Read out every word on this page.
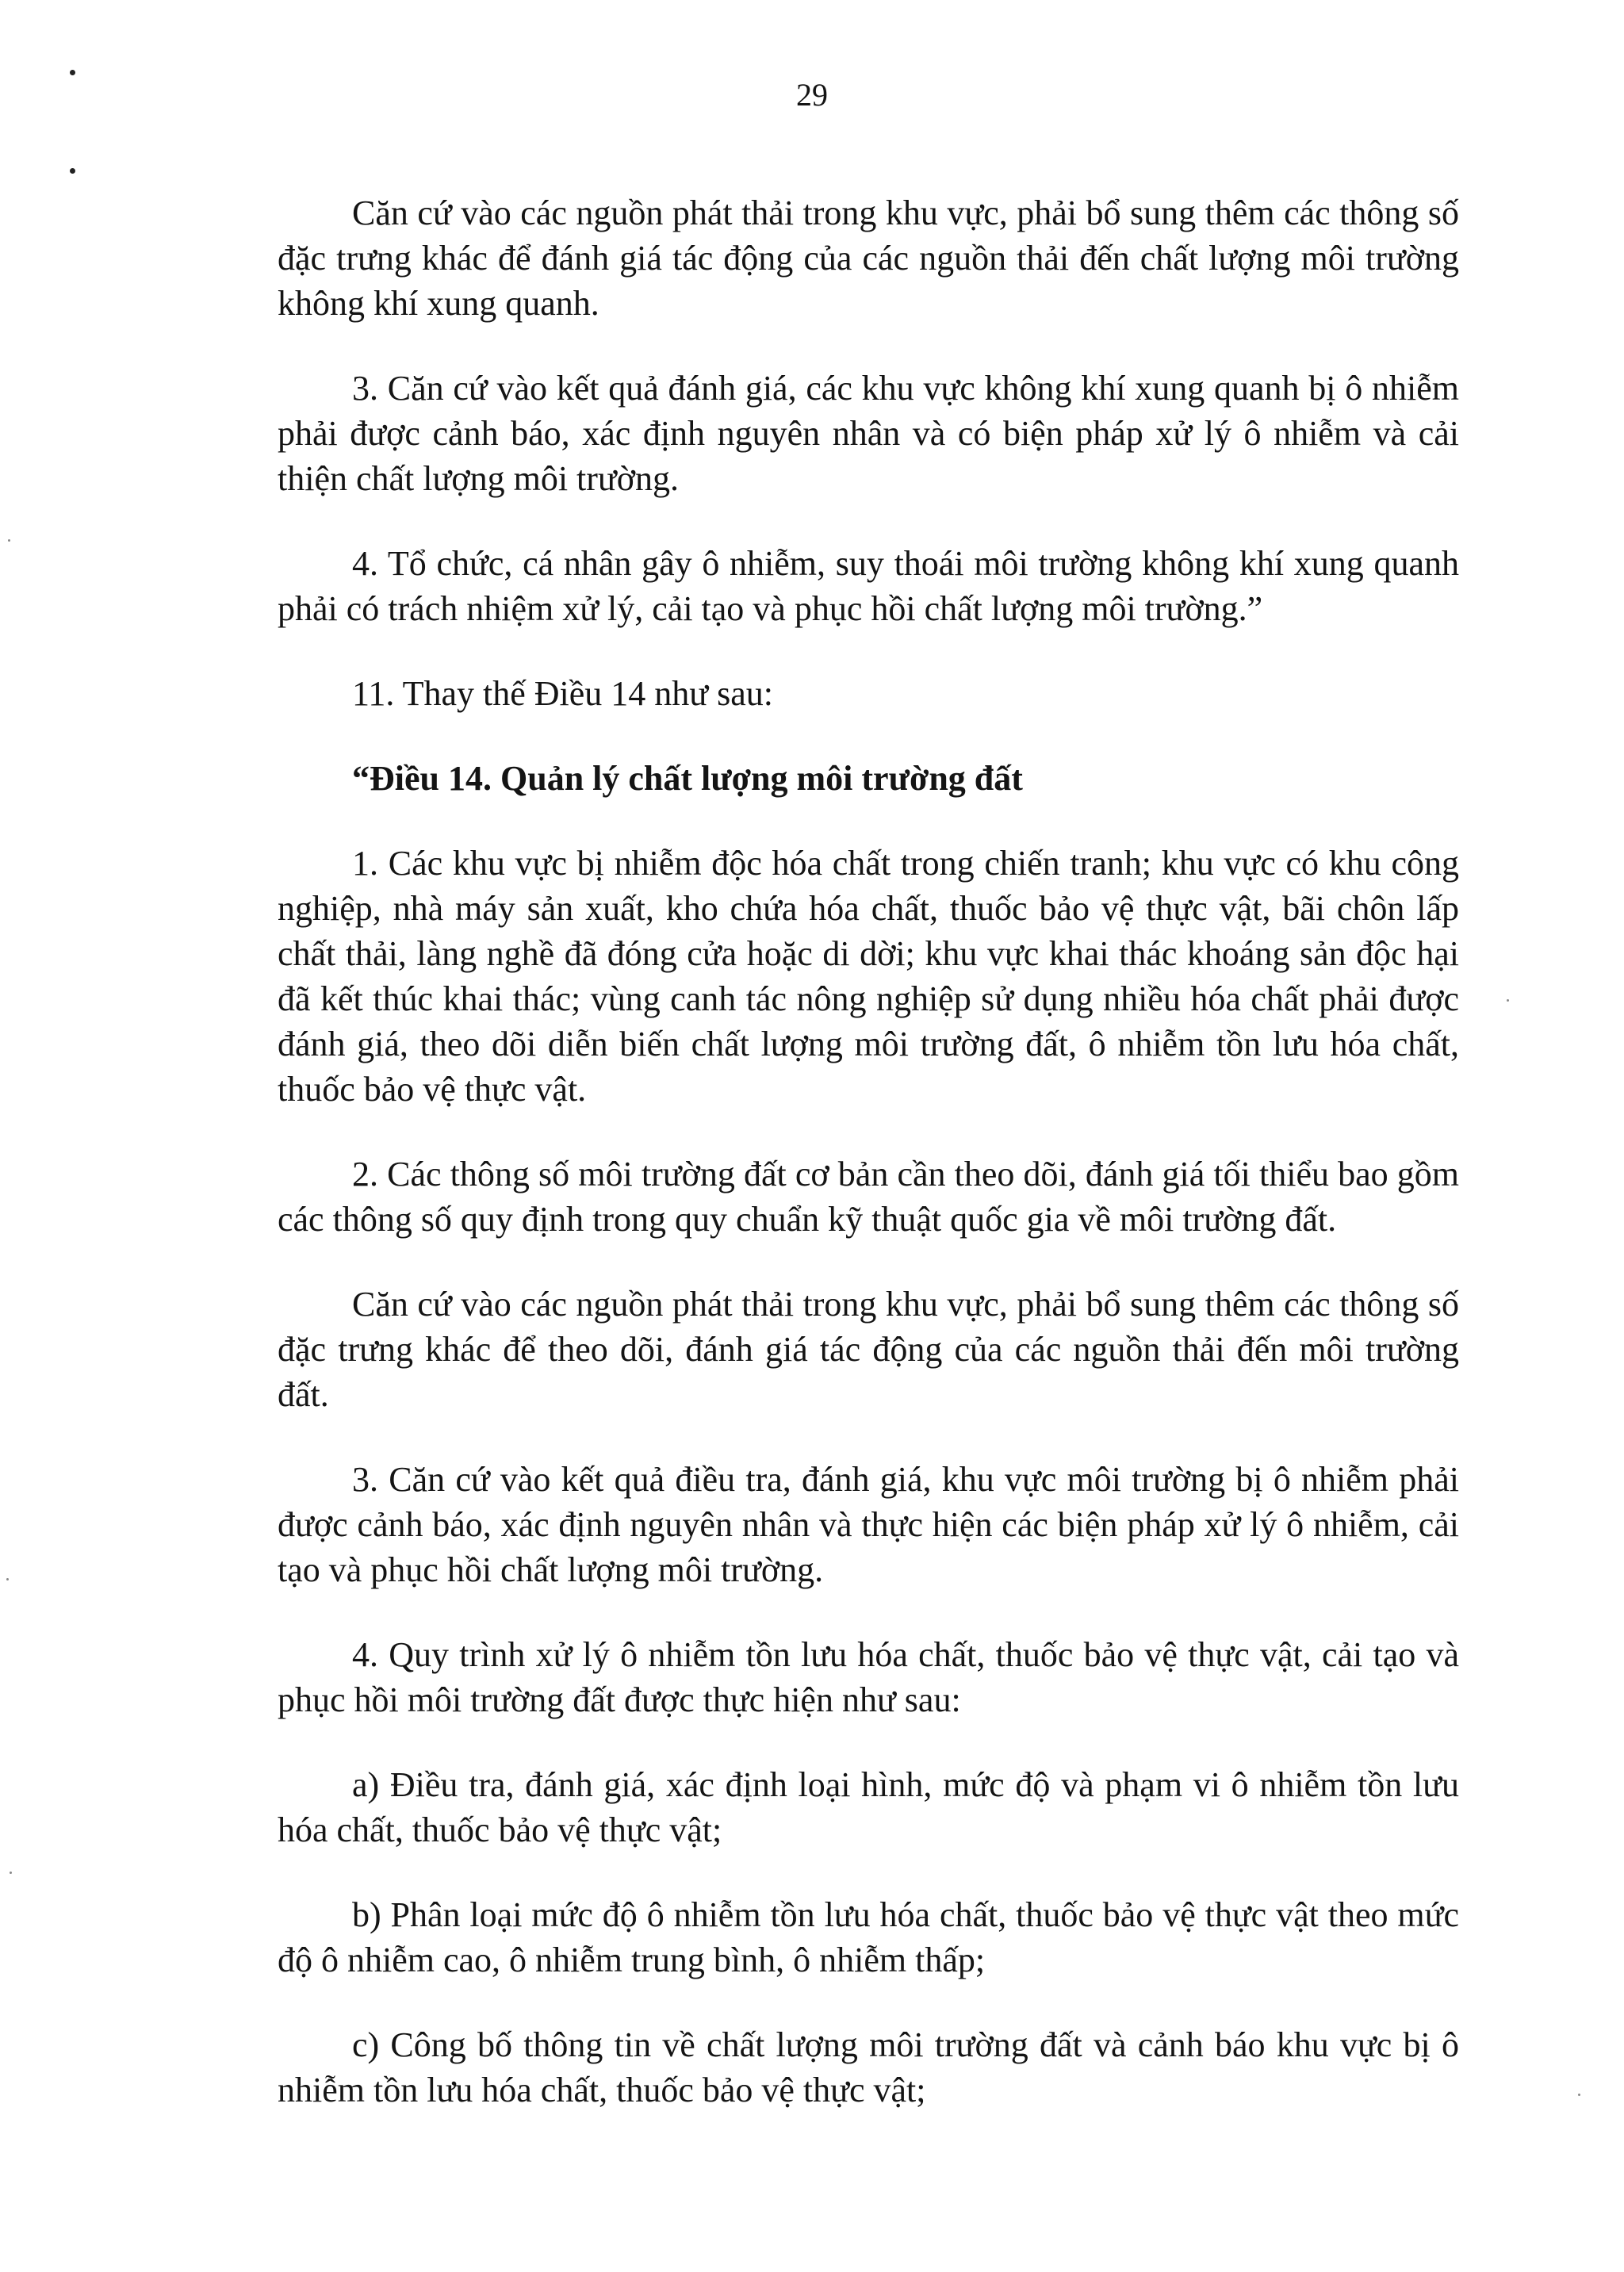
29

Căn cứ vào các nguồn phát thải trong khu vực, phải bổ sung thêm các thông số đặc trưng khác để đánh giá tác động của các nguồn thải đến chất lượng môi trường không khí xung quanh.

3. Căn cứ vào kết quả đánh giá, các khu vực không khí xung quanh bị ô nhiễm phải được cảnh báo, xác định nguyên nhân và có biện pháp xử lý ô nhiễm và cải thiện chất lượng môi trường.

4. Tổ chức, cá nhân gây ô nhiễm, suy thoái môi trường không khí xung quanh phải có trách nhiệm xử lý, cải tạo và phục hồi chất lượng môi trường.”

11. Thay thế Điều 14 như sau:

“Điều 14. Quản lý chất lượng môi trường đất

1. Các khu vực bị nhiễm độc hóa chất trong chiến tranh; khu vực có khu công nghiệp, nhà máy sản xuất, kho chứa hóa chất, thuốc bảo vệ thực vật, bãi chôn lấp chất thải, làng nghề đã đóng cửa hoặc di dời; khu vực khai thác khoáng sản độc hại đã kết thúc khai thác; vùng canh tác nông nghiệp sử dụng nhiều hóa chất phải được đánh giá, theo dõi diễn biến chất lượng môi trường đất, ô nhiễm tồn lưu hóa chất, thuốc bảo vệ thực vật.

2. Các thông số môi trường đất cơ bản cần theo dõi, đánh giá tối thiểu bao gồm các thông số quy định trong quy chuẩn kỹ thuật quốc gia về môi trường đất.

Căn cứ vào các nguồn phát thải trong khu vực, phải bổ sung thêm các thông số đặc trưng khác để theo dõi, đánh giá tác động của các nguồn thải đến môi trường đất.

3. Căn cứ vào kết quả điều tra, đánh giá, khu vực môi trường bị ô nhiễm phải được cảnh báo, xác định nguyên nhân và thực hiện các biện pháp xử lý ô nhiễm, cải tạo và phục hồi chất lượng môi trường.

4. Quy trình xử lý ô nhiễm tồn lưu hóa chất, thuốc bảo vệ thực vật, cải tạo và phục hồi môi trường đất được thực hiện như sau:

a) Điều tra, đánh giá, xác định loại hình, mức độ và phạm vi ô nhiễm tồn lưu hóa chất, thuốc bảo vệ thực vật;

b) Phân loại mức độ ô nhiễm tồn lưu hóa chất, thuốc bảo vệ thực vật theo mức độ ô nhiễm cao, ô nhiễm trung bình, ô nhiễm thấp;

c) Công bố thông tin về chất lượng môi trường đất và cảnh báo khu vực bị ô nhiễm tồn lưu hóa chất, thuốc bảo vệ thực vật;
